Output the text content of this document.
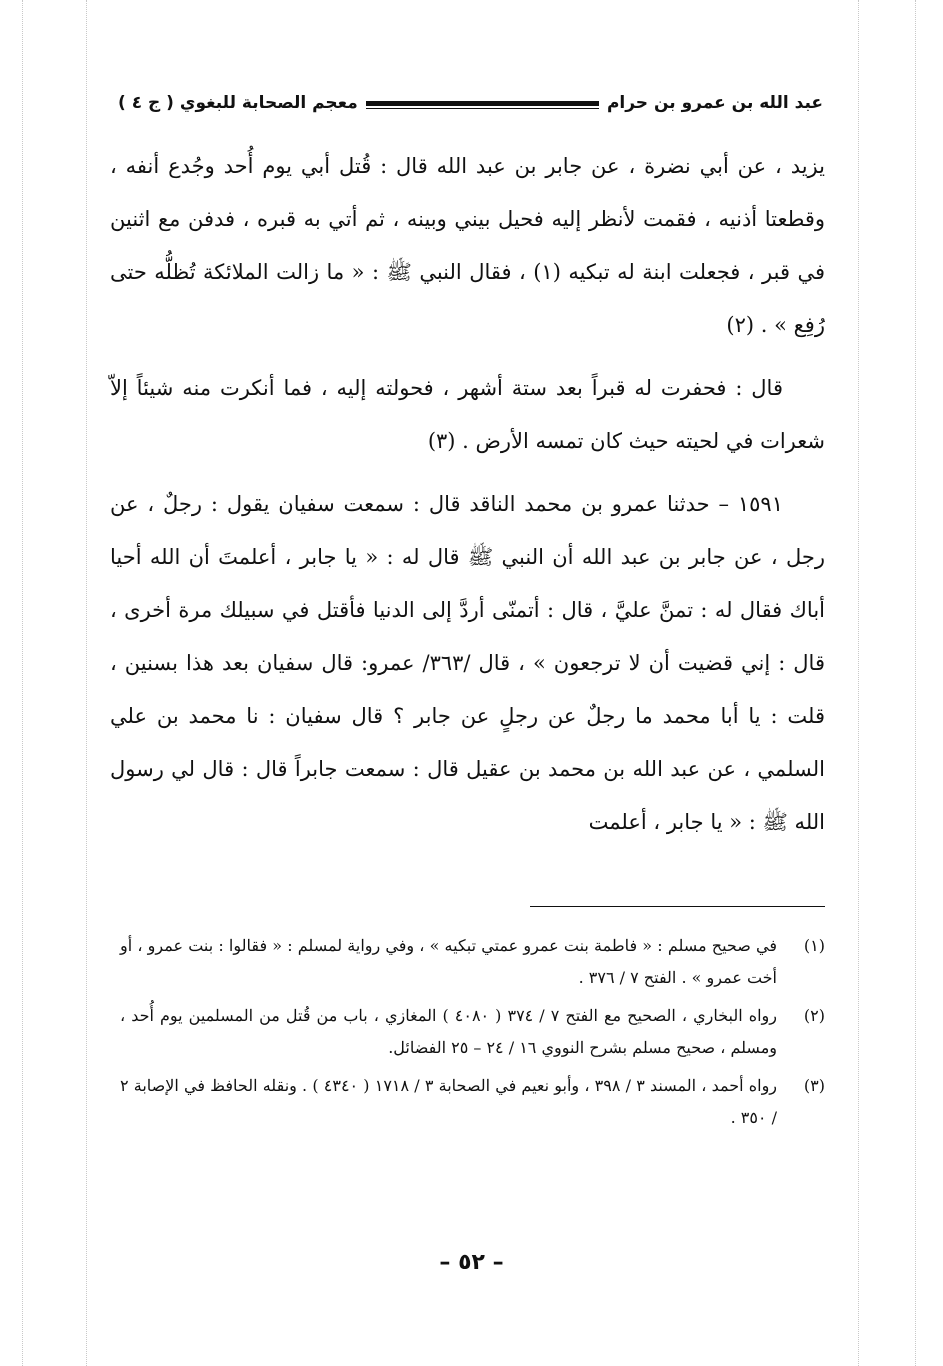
عبد الله بن عمرو بن حرام
معجم الصحابة للبغوي ( ج ٤ )

يزيد ، عن أبي نضرة ، عن جابر بن عبد الله قال : قُتل أبي يوم أُحد وجُدع أنفه ، وقطعتا أذنيه ، فقمت لأنظر إليه فحيل بيني وبينه ، ثم أتي به قبره ، فدفن مع اثنين في قبر ، فجعلت ابنة له تبكيه (١) ، فقال النبي ﷺ : « ما زالت الملائكة تُظلُّه حتى رُفِع » . (٢)

قال : فحفرت له قبراً بعد ستة أشهر ، فحولته إليه ، فما أنكرت منه شيئاً إلاّ شعرات في لحيته حيث كان تمسه الأرض . (٣)

١٥٩١ – حدثنا عمرو بن محمد الناقد قال : سمعت سفيان يقول : رجلٌ ، عن رجل ، عن جابر بن عبد الله أن النبي ﷺ قال له : « يا جابر ، أعلمتَ أن الله أحيا أباك فقال له : تمنَّ عليَّ ، قال : أتمنّى أردَّ إلى الدنيا فأقتل في سبيلك مرة أخرى ، قال : إني قضيت أن لا ترجعون » ، قال /٣٦٣/ عمرو: قال سفيان بعد هذا بسنين ، قلت : يا أبا محمد ما رجلٌ عن رجلٍ عن جابر ؟ قال سفيان : نا محمد بن علي السلمي ، عن عبد الله بن محمد بن عقيل قال : سمعت جابراً قال : قال لي رسول الله ﷺ : « يا جابر ، أعلمت

(١)
في صحيح مسلم : « فاطمة بنت عمرو عمتي تبكيه » ، وفي رواية لمسلم : « فقالوا : بنت عمرو ، أو أخت عمرو » . الفتح ٧ / ٣٧٦ .
(٢)
رواه البخاري ، الصحيح مع الفتح ٧ / ٣٧٤ ( ٤٠٨٠ ) المغازي ، باب من قُتل من المسلمين يوم أُحد ، ومسلم ، صحيح مسلم بشرح النووي ١٦ / ٢٤ – ٢٥ الفضائل.
(٣)
رواه أحمد ، المسند ٣ / ٣٩٨ ، وأبو نعيم في الصحابة ٣ / ١٧١٨ ( ٤٣٤٠ ) . ونقله الحافظ في الإصابة ٢ / ٣٥٠ .
– ٥٢ –
